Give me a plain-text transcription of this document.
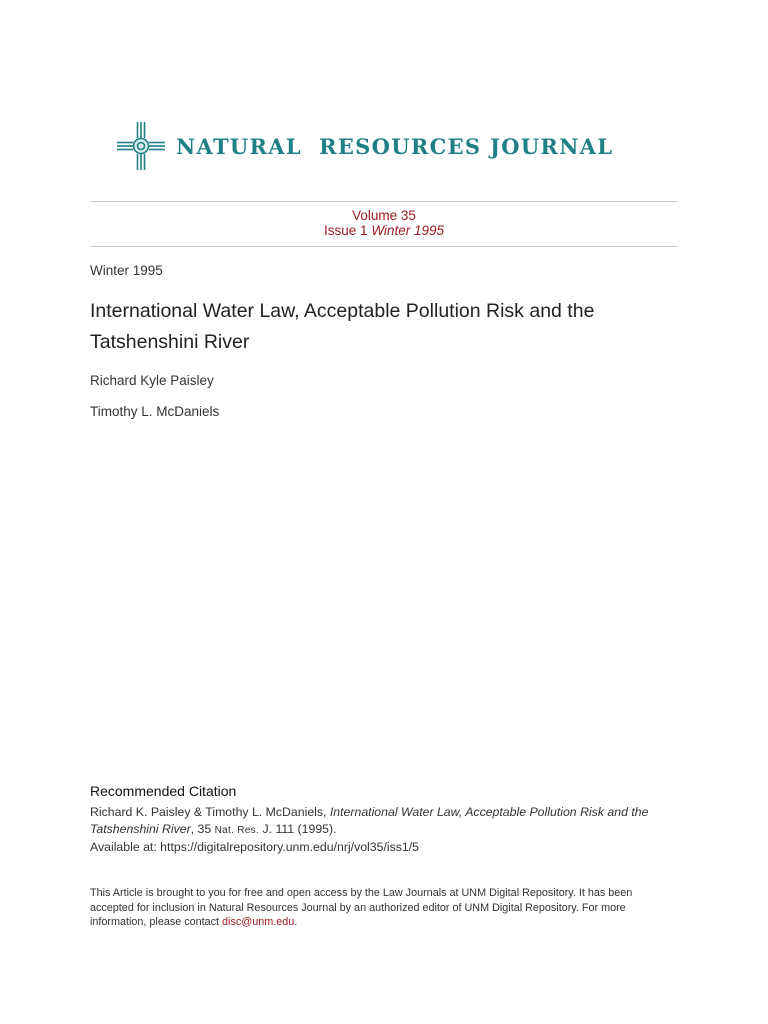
NATURAL  RESOURCES JOURNAL
Volume 35
Issue 1 Winter 1995
Winter 1995
International Water Law, Acceptable Pollution Risk and the Tatshenshini River
Richard Kyle Paisley
Timothy L. McDaniels
Recommended Citation
Richard K. Paisley & Timothy L. McDaniels, International Water Law, Acceptable Pollution Risk and the Tatshenshini River, 35 Nat. Res. J. 111 (1995).
Available at: https://digitalrepository.unm.edu/nrj/vol35/iss1/5
This Article is brought to you for free and open access by the Law Journals at UNM Digital Repository. It has been accepted for inclusion in Natural Resources Journal by an authorized editor of UNM Digital Repository. For more information, please contact disc@unm.edu.
